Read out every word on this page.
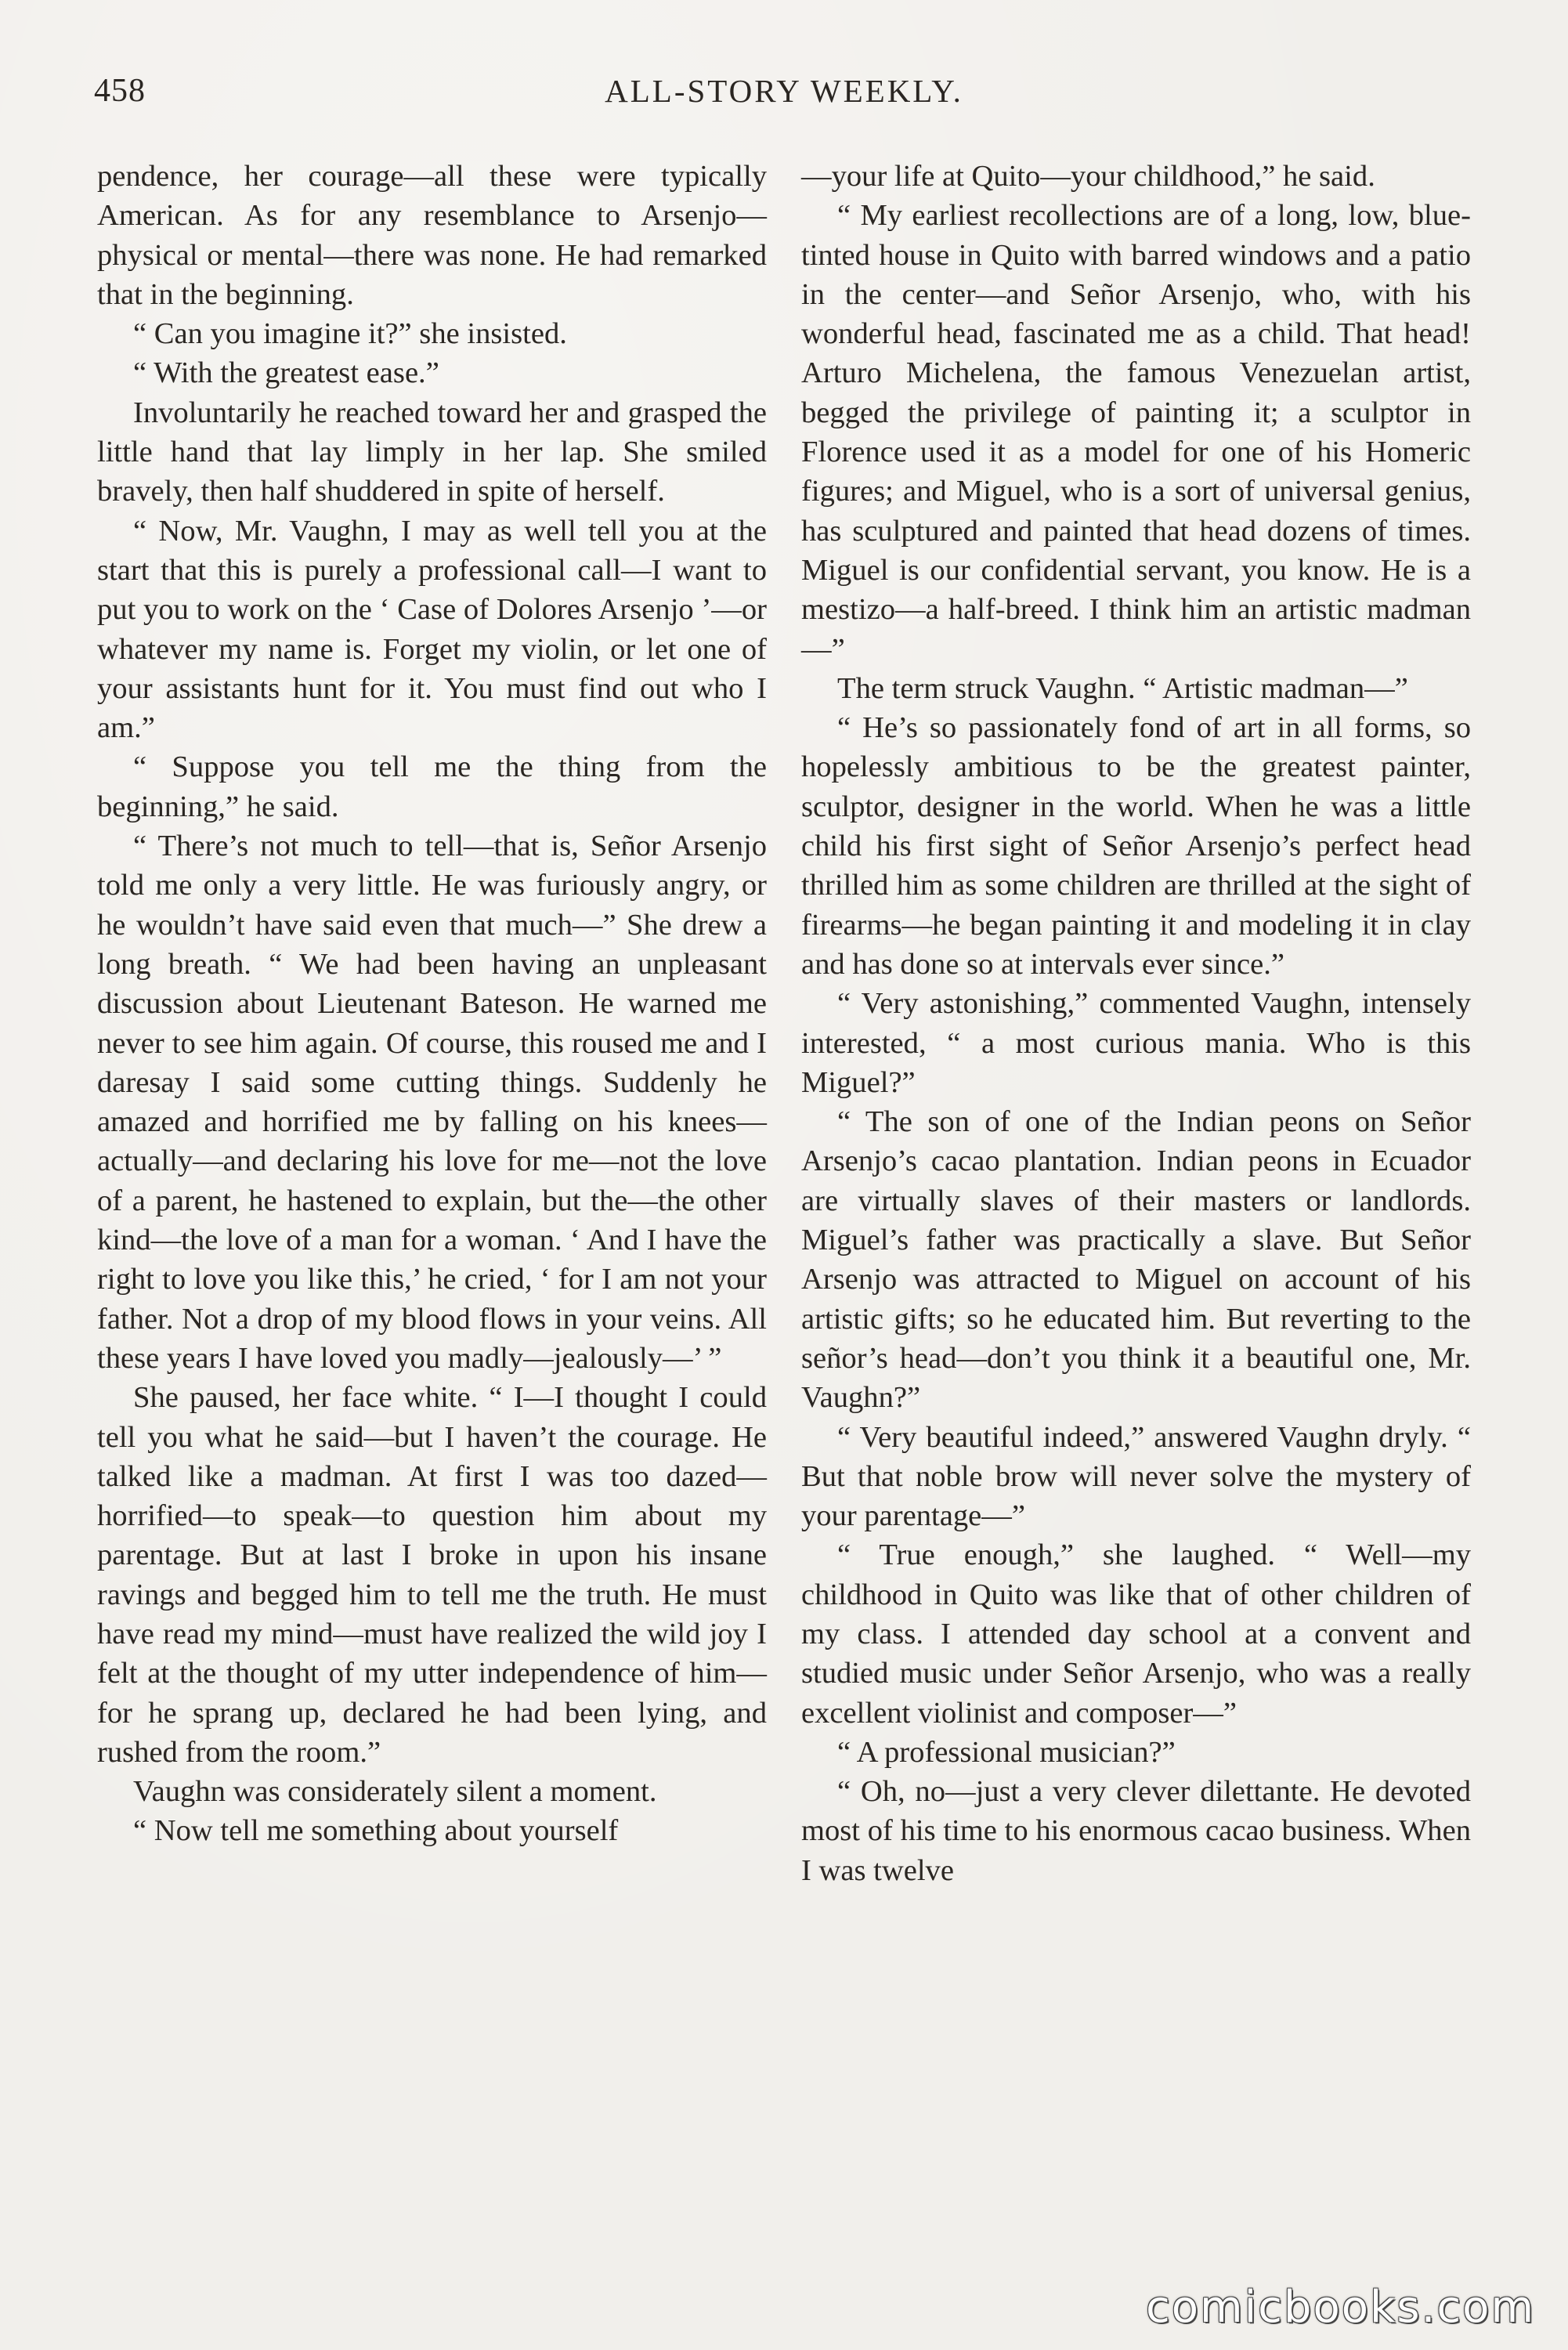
458	ALL-STORY WEEKLY.

pendence, her courage—all these were typically American. As for any resemblance to Arsenjo—physical or mental—there was none. He had remarked that in the beginning.

“ Can you imagine it?” she insisted.

“ With the greatest ease.”

Involuntarily he reached toward her and grasped the little hand that lay limply in her lap. She smiled bravely, then half shuddered in spite of herself.

“ Now, Mr. Vaughn, I may as well tell you at the start that this is purely a professional call—I want to put you to work on the ‘ Case of Dolores Arsenjo ’—or whatever my name is. Forget my violin, or let one of your assistants hunt for it. You must find out who I am.”

“ Suppose you tell me the thing from the beginning,” he said.

“ There’s not much to tell—that is, Señor Arsenjo told me only a very little. He was furiously angry, or he wouldn’t have said even that much—” She drew a long breath. “ We had been having an unpleasant discussion about Lieutenant Bateson. He warned me never to see him again. Of course, this roused me and I daresay I said some cutting things. Suddenly he amazed and horrified me by falling on his knees—actually—and declaring his love for me—not the love of a parent, he hastened to explain, but the—the other kind—the love of a man for a woman. ‘ And I have the right to love you like this,’ he cried, ‘ for I am not your father. Not a drop of my blood flows in your veins. All these years I have loved you madly—jealously—’ ”

She paused, her face white. “ I—I thought I could tell you what he said—but I haven’t the courage. He talked like a madman. At first I was too dazed—horrified—to speak—to question him about my parentage. But at last I broke in upon his insane ravings and begged him to tell me the truth. He must have read my mind—must have realized the wild joy I felt at the thought of my utter independence of him—for he sprang up, declared he had been lying, and rushed from the room.”

Vaughn was considerately silent a moment.

“ Now tell me something about yourself

—your life at Quito—your childhood,” he said.

“ My earliest recollections are of a long, low, blue-tinted house in Quito with barred windows and a patio in the center—and Señor Arsenjo, who, with his wonderful head, fascinated me as a child. That head! Arturo Michelena, the famous Venezuelan artist, begged the privilege of painting it; a sculptor in Florence used it as a model for one of his Homeric figures; and Miguel, who is a sort of universal genius, has sculptured and painted that head dozens of times. Miguel is our confidential servant, you know. He is a mestizo—a half-breed. I think him an artistic madman—”

The term struck Vaughn. “ Artistic madman—”

“ He’s so passionately fond of art in all forms, so hopelessly ambitious to be the greatest painter, sculptor, designer in the world. When he was a little child his first sight of Señor Arsenjo’s perfect head thrilled him as some children are thrilled at the sight of firearms—he began painting it and modeling it in clay and has done so at intervals ever since.”

“ Very astonishing,” commented Vaughn, intensely interested, “ a most curious mania. Who is this Miguel?”

“ The son of one of the Indian peons on Señor Arsenjo’s cacao plantation. Indian peons in Ecuador are virtually slaves of their masters or landlords. Miguel’s father was practically a slave. But Señor Arsenjo was attracted to Miguel on account of his artistic gifts; so he educated him. But reverting to the señor’s head—don’t you think it a beautiful one, Mr. Vaughn?”

“ Very beautiful indeed,” answered Vaughn dryly. “ But that noble brow will never solve the mystery of your parentage—”

“ True enough,” she laughed. “ Well—my childhood in Quito was like that of other children of my class. I attended day school at a convent and studied music under Señor Arsenjo, who was a really excellent violinist and composer—”

“ A professional musician?”

“ Oh, no—just a very clever dilettante. He devoted most of his time to his enormous cacao business. When I was twelve

comicbooks.com
